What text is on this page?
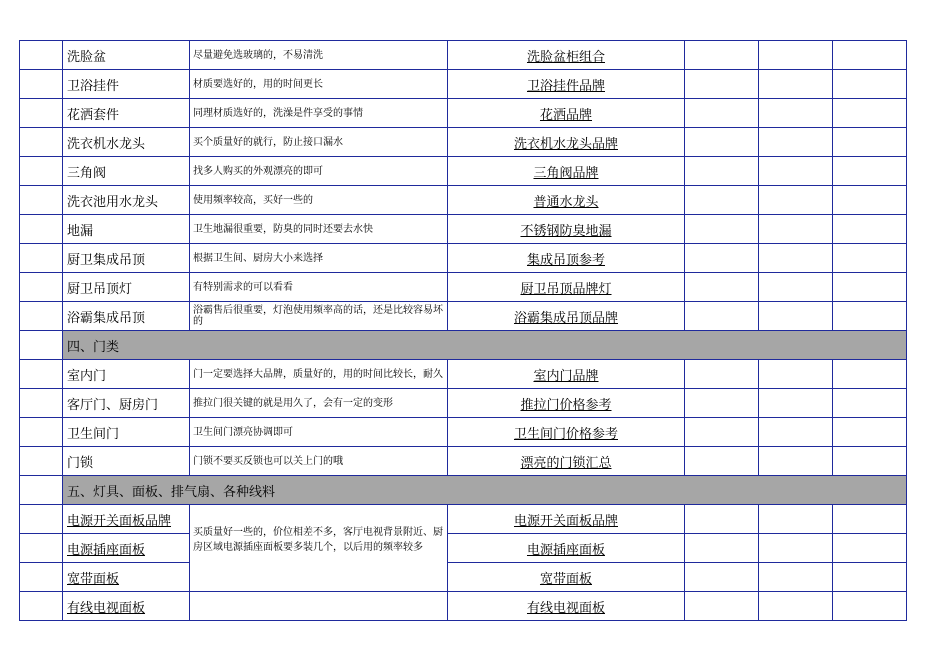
	洗脸盆	尽量避免选玻璃的，不易清洗	洗脸盆柜组合			
	卫浴挂件	材质要选好的，用的时间更长	卫浴挂件品牌			
	花洒套件	同理材质选好的，洗澡是件享受的事情	花洒品牌			
	洗衣机水龙头	买个质量好的就行，防止接口漏水	洗衣机水龙头品牌			
	三角阀	找多人购买的外观漂亮的即可	三角阀品牌			
	洗衣池用水龙头	使用频率较高，买好一些的	普通水龙头			
	地漏	卫生地漏很重要，防臭的同时还要去水快	不锈钢防臭地漏			
	厨卫集成吊顶	根据卫生间、厨房大小来选择	集成吊顶参考			
	厨卫吊顶灯	有特别需求的可以看看	厨卫吊顶品牌灯			
	浴霸集成吊顶	浴霸售后很重要，灯泡使用频率高的话，还是比较容易坏的	浴霸集成吊顶品牌			
	四、门类					
	室内门	门一定要选择大品牌，质量好的，用的时间比较长，耐久	室内门品牌			
	客厅门、厨房门	推拉门很关键的就是用久了，会有一定的变形	推拉门价格参考			
	卫生间门	卫生间门漂亮协调即可	卫生间门价格参考			
	门锁	门锁不要买反锁也可以关上门的哦	漂亮的门锁汇总			
	五、灯具、面板、排气扇、各种线料					
	电源开关面板品牌	买质量好一些的，价位相差不多，客厅电视背景附近、厨房区域电源插座面板要多装几个，以后用的频率较多	电源开关面板品牌			
	电源插座面板		电源插座面板			
	宽带面板		宽带面板			
	有线电视面板		有线电视面板			
